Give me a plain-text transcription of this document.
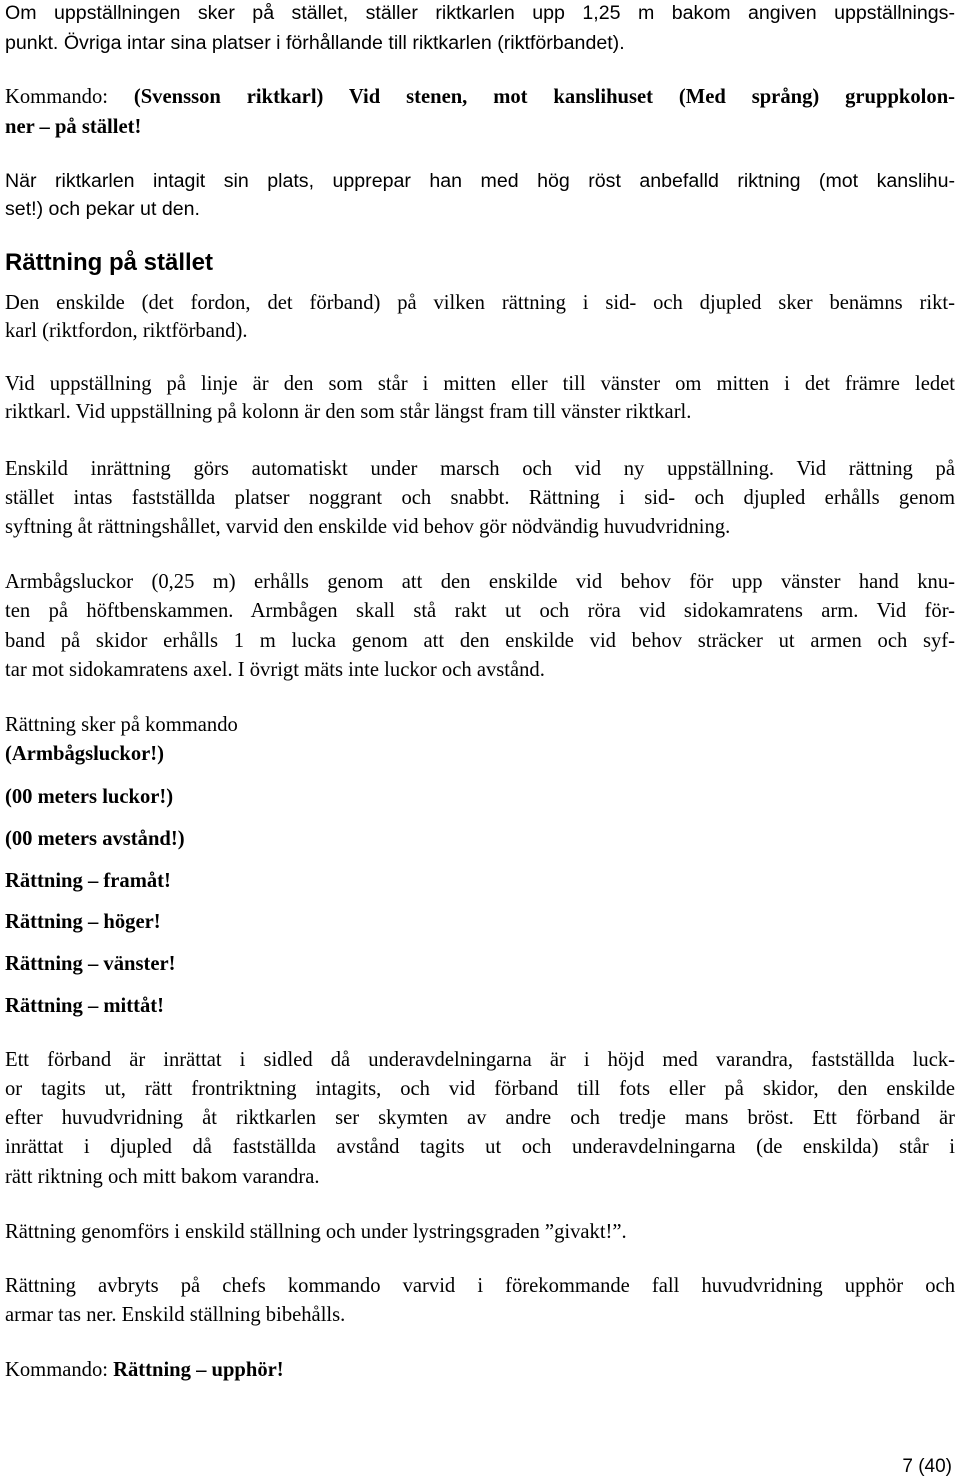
Om uppställningen sker på stället, ställer riktkarlen upp 1,25 m bakom angiven uppställnings-
punkt. Övriga intar sina platser i förhållande till riktkarlen (riktförbandet).
Kommando: (Svensson riktkarl) Vid stenen, mot kanslihuset (Med språng) gruppkolon-
ner – på stället!
När riktkarlen intagit sin plats, upprepar han med hög röst anbefalld riktning (mot kanslihu-
set!) och pekar ut den.
Rättning på stället
Den enskilde (det fordon, det förband) på vilken rättning i sid- och djupled sker benämns rikt-
karl (riktfordon, riktförband).
Vid uppställning på linje är den som står i mitten eller till vänster om mitten i det främre ledet
riktkarl. Vid uppställning på kolonn är den som står längst fram till vänster riktkarl.
Enskild inrättning görs automatiskt under marsch och vid ny uppställning. Vid rättning på
stället intas fastställda platser noggrant och snabbt. Rättning i sid- och djupled erhålls genom
syftning åt rättningshållet, varvid den enskilde vid behov gör nödvändig huvudvridning.
Armbågsluckor (0,25 m) erhålls genom att den enskilde vid behov för upp vänster hand knu-
ten på höftbenskammen. Armbågen skall stå rakt ut och röra vid sidokamratens arm. Vid för-
band på skidor erhålls 1 m lucka genom att den enskilde vid behov sträcker ut armen och syf-
tar mot sidokamratens axel. I övrigt mäts inte luckor och avstånd.
Rättning sker på kommando
(Armbågsluckor!)
(00 meters luckor!)
(00 meters avstånd!)
Rättning – framåt!
Rättning – höger!
Rättning – vänster!
Rättning – mittåt!
Ett förband är inrättat i sidled då underavdelningarna är i höjd med varandra, fastställda luck-
or tagits ut, rätt frontriktning intagits, och vid förband till fots eller på skidor, den enskilde
efter huvudvridning åt riktkarlen ser skymten av andre och tredje mans bröst. Ett förband är
inrättat i djupled då fastställda avstånd tagits ut och underavdelningarna (de enskilda) står i
rätt riktning och mitt bakom varandra.
Rättning genomförs i enskild ställning och under lystringsgraden ”givakt!”.
Rättning avbryts på chefs kommando varvid i förekommande fall huvudvridning upphör och
armar tas ner. Enskild ställning bibehålls.
Kommando: Rättning – upphör!
7 (40)
